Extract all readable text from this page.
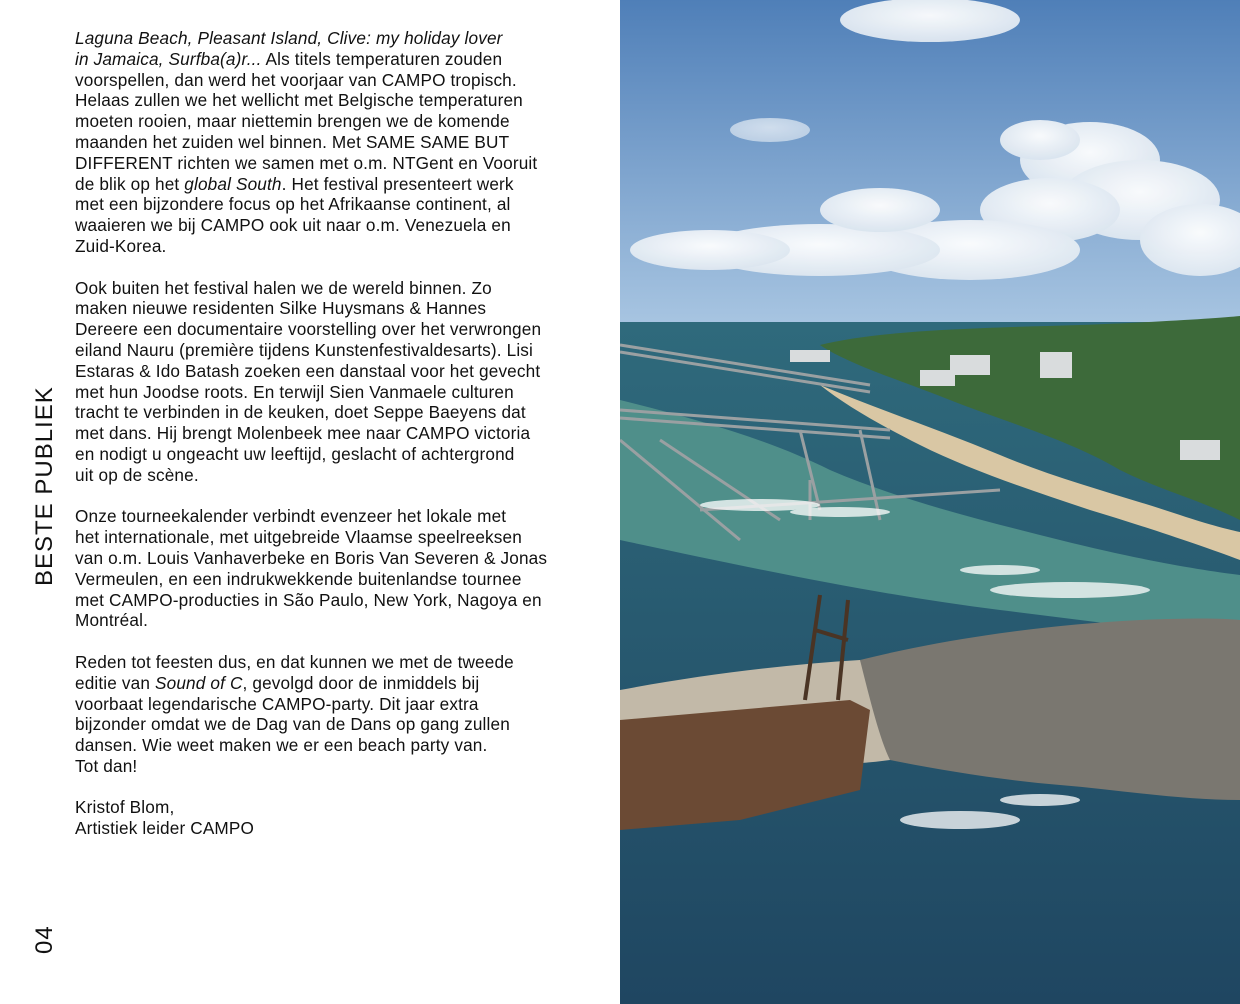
BESTE PUBLIEK
04

Laguna Beach, Pleasant Island, Clive: my holiday lover
in Jamaica, Surfba(a)r... Als titels temperaturen zouden
voorspellen, dan werd het voorjaar van CAMPO tropisch.
Helaas zullen we het wellicht met Belgische temperaturen
moeten rooien, maar niettemin brengen we de komende
maanden het zuiden wel binnen. Met SAME SAME BUT
DIFFERENT richten we samen met o.m. NTGent en Vooruit
de blik op het global South. Het festival presenteert werk
met een bijzondere focus op het Afrikaanse continent, al
waaieren we bij CAMPO ook uit naar o.m. Venezuela en
Zuid-Korea.

Ook buiten het festival halen we de wereld binnen. Zo
maken nieuwe residenten Silke Huysmans & Hannes
Dereere een documentaire voorstelling over het verwrongen
eiland Nauru (première tijdens Kunstenfestivaldesarts). Lisi
Estaras & Ido Batash zoeken een danstaal voor het gevecht
met hun Joodse roots. En terwijl Sien Vanmaele culturen
tracht te verbinden in de keuken, doet Seppe Baeyens dat
met dans. Hij brengt Molenbeek mee naar CAMPO victoria
en nodigt u ongeacht uw leeftijd, geslacht of achtergrond
uit op de scène.

Onze tourneekalender verbindt evenzeer het lokale met
het internationale, met uitgebreide Vlaamse speelreeksen
van o.m. Louis Vanhaverbeke en Boris Van Severen & Jonas
Vermeulen, en een indrukwekkende buitenlandse tournee
met CAMPO-producties in São Paulo, New York, Nagoya en
Montréal.

Reden tot feesten dus, en dat kunnen we met de tweede
editie van Sound of C, gevolgd door de inmiddels bij
voorbaat legendarische CAMPO-party. Dit jaar extra
bijzonder omdat we de Dag van de Dans op gang zullen
dansen. Wie weet maken we er een beach party van.
Tot dan!

Kristof Blom,
Artistiek leider CAMPO
